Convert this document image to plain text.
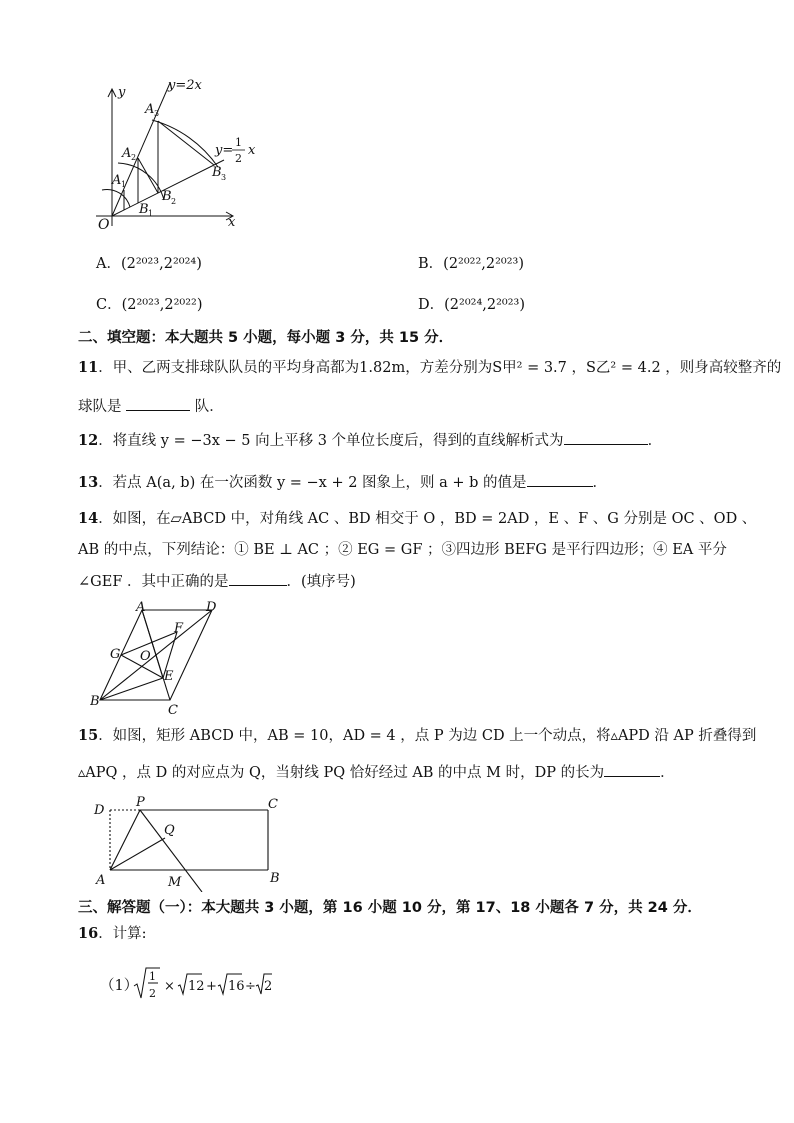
y=2x
y=
1
2
x
x
y
O
A 1
A 2
A 3
B 1
B 2
B 3
A．(2²⁰²³,2²⁰²⁴)	B．(2²⁰²²,2²⁰²³)
C．(2²⁰²³,2²⁰²²)	D．(2²⁰²⁴,2²⁰²³)
二、填空题：本大题共 5 小题，每小题 3 分，共 15 分．
11．甲、乙两支排球队队员的平均身高都为1.82m，方差分别为S甲² = 3.7 ，S乙² = 4.2 ，则身高较整齐的
球队是	队．
12．将直线 y = −3x − 5 向上平移 3 个单位长度后，得到的直线解析式为	．
13．若点 A(a, b) 在一次函数 y = −x + 2 图象上，则 a + b 的值是	．
14．如图，在▱ABCD 中，对角线 AC 、BD 相交于 O ，BD = 2AD ，E 、F 、G 分别是 OC 、OD 、
AB 的中点，下列结论：① BE ⊥ AC ；② EG = GF ；③四边形 BEFG 是平行四边形；④ EA 平分
∠GEF ．其中正确的是	．(填序号)
A	D
B
C
F
G O
E
15．如图，矩形 ABCD 中，AB = 10，AD = 4 ，点 P 为边 CD 上一个动点，将▵APD 沿 AP 折叠得到
▵APQ ，点 D 的对应点为 Q，当射线 PQ 恰好经过 AB 的中点 M 时，DP 的长为	．
D
P	C
Q
A	M	B
三、解答题（一）：本大题共 3 小题，第 16 小题 10 分，第 17、18 小题各 7 分，共 24 分．
16．计算:
（1）
1
2 × 12 + 16 ÷ 2
